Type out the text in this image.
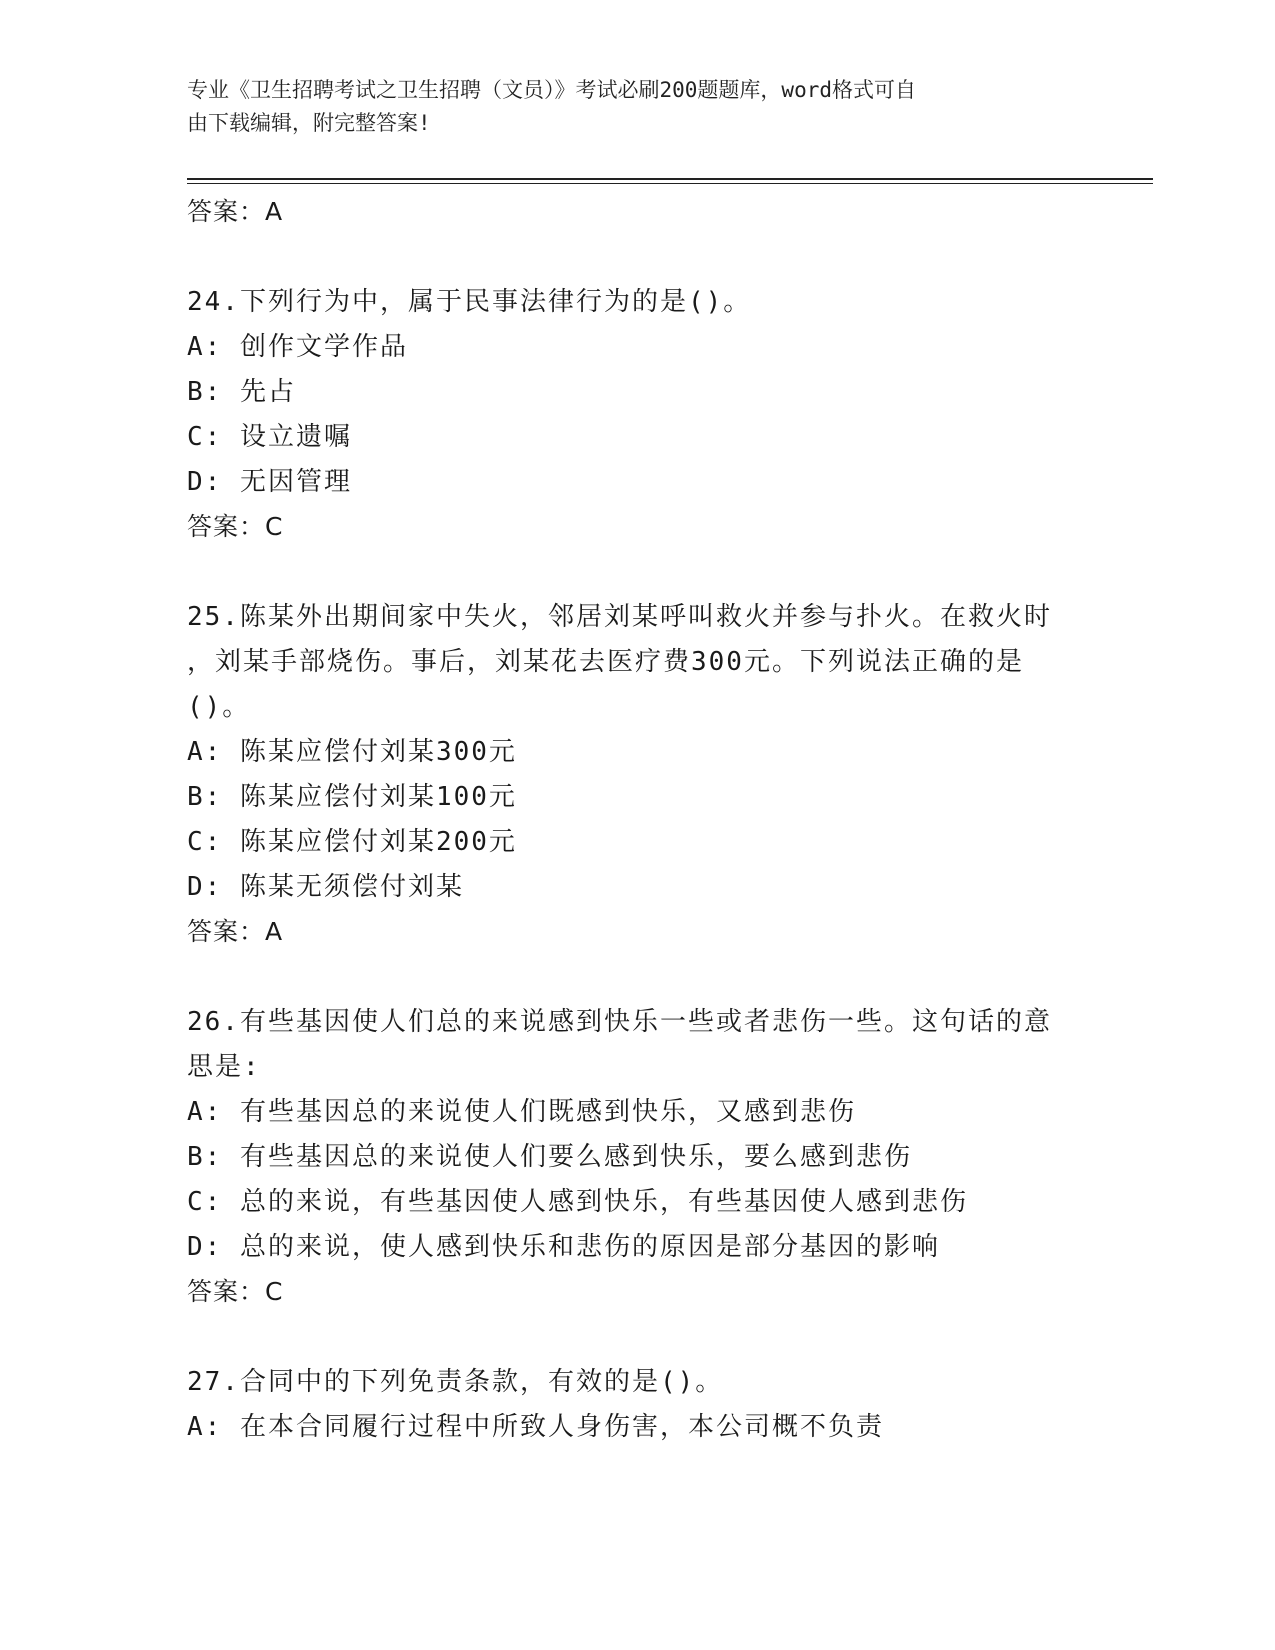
专业《卫生招聘考试之卫生招聘（文员）》考试必刷200题题库，word格式可自
由下载编辑，附完整答案!
答案：A
24.下列行为中，属于民事法律行为的是()。
A: 创作文学作品
B: 先占
C: 设立遗嘱
D: 无因管理
答案：C
25.陈某外出期间家中失火，邻居刘某呼叫救火并参与扑火。在救火时
，刘某手部烧伤。事后，刘某花去医疗费300元。下列说法正确的是
()。
A: 陈某应偿付刘某300元
B: 陈某应偿付刘某100元
C: 陈某应偿付刘某200元
D: 陈某无须偿付刘某
答案：A
26.有些基因使人们总的来说感到快乐一些或者悲伤一些。这句话的意
思是:
A: 有些基因总的来说使人们既感到快乐，又感到悲伤
B: 有些基因总的来说使人们要么感到快乐，要么感到悲伤
C: 总的来说，有些基因使人感到快乐，有些基因使人感到悲伤
D: 总的来说，使人感到快乐和悲伤的原因是部分基因的影响
答案：C
27.合同中的下列免责条款，有效的是()。
A: 在本合同履行过程中所致人身伤害，本公司概不负责
